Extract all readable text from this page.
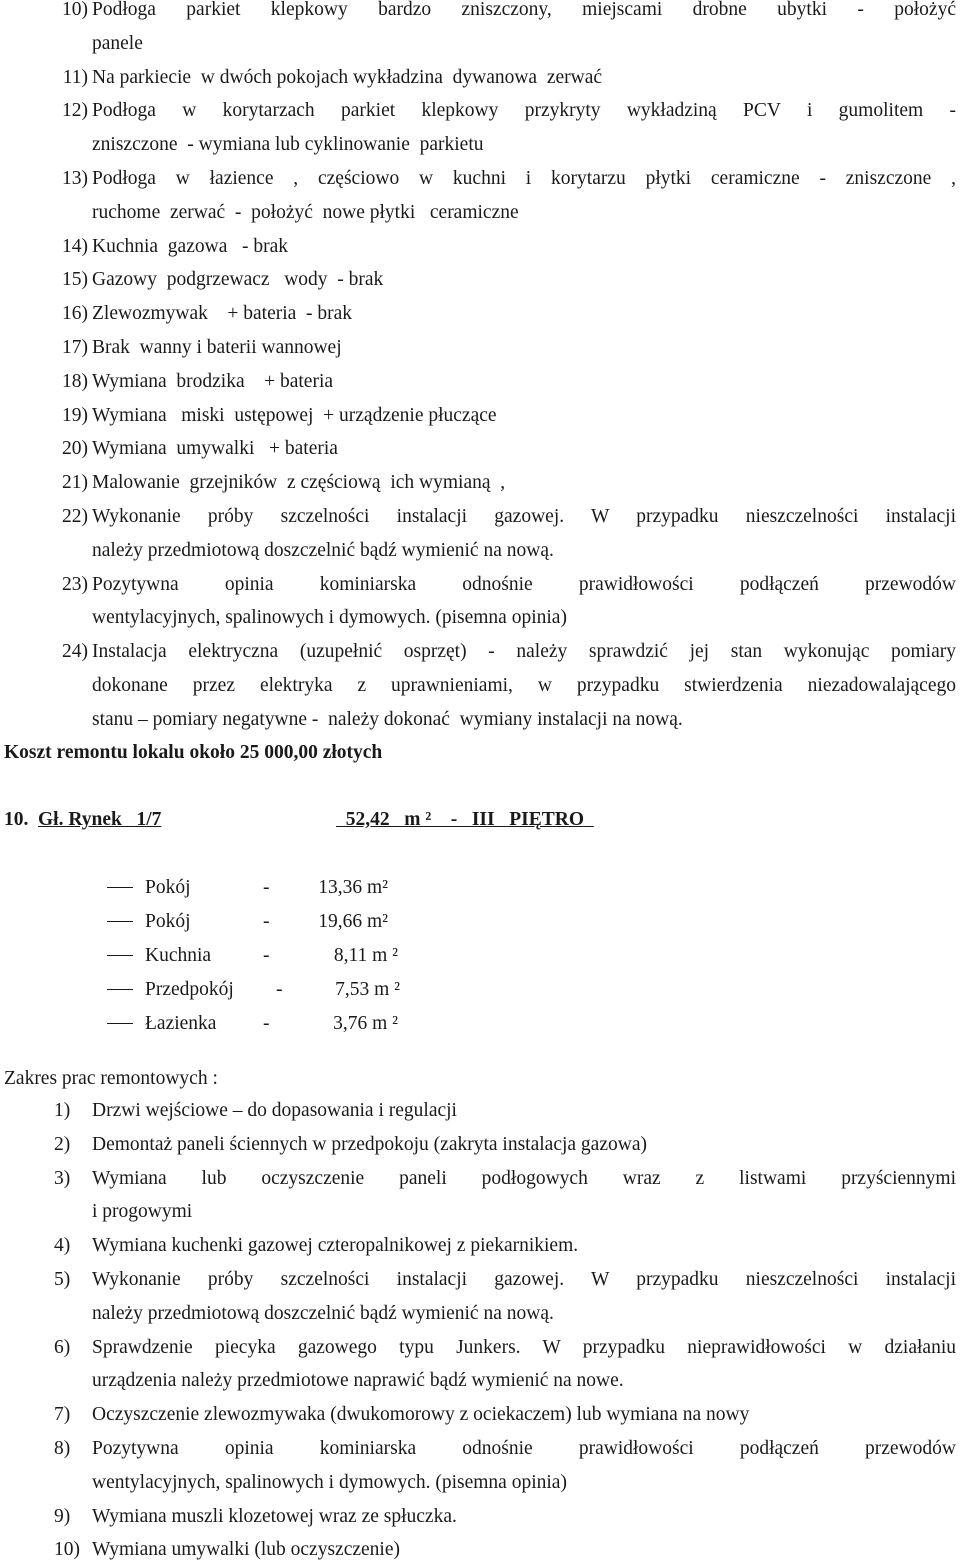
10) Podłoga parkiet klepkowy bardzo zniszczony, miejscami drobne ubytki - położyć
panele
11) Na parkiecie  w dwóch pokojach wykładzina  dywanowa  zerwać
12) Podłoga w korytarzach parkiet klepkowy przykryty wykładziną PCV i gumolitem -
zniszczone  - wymiana lub cyklinowanie  parkietu
13) Podłoga w łazience , częściowo w kuchni i korytarzu płytki ceramiczne - zniszczone ,
ruchome  zerwać  -  położyć  nowe płytki   ceramiczne
14) Kuchnia  gazowa   - brak
15) Gazowy  podgrzewacz   wody  - brak
16) Zlewozmywak    + bateria  - brak
17) Brak  wanny i baterii wannowej
18) Wymiana  brodzika    + bateria
19) Wymiana   miski  ustępowej  + urządzenie płuczące
20) Wymiana  umywalki   + bateria
21) Malowanie  grzejników  z częściową  ich wymianą  ,
22) Wykonanie próby szczelności instalacji gazowej. W przypadku nieszczelności instalacji
należy przedmiotową doszczelnić bądź wymienić na nową.
23) Pozytywna opinia kominiarska odnośnie prawidłowości podłączeń przewodów
wentylacyjnych, spalinowych i dymowych. (pisemna opinia)
24) Instalacja elektryczna (uzupełnić osprzęt) - należy sprawdzić jej stan wykonując pomiary
dokonane przez elektryka z uprawnieniami, w przypadku stwierdzenia niezadowalającego
stanu – pomiary negatywne -  należy dokonać  wymiany instalacji na nową.
Koszt remontu lokalu około 25 000,00 złotych
10. Gł. Rynek   1/7	52,42   m ²    -   III   PIĘTRO
Pokój	- 13,36 m²
Pokój	- 19,66 m²
Kuchnia	-	8,11 m ²
Przedpokój -	7,53 m ²
Łazienka -	3,76 m ²
Zakres prac remontowych :
1)	Drzwi wejściowe – do dopasowania i regulacji
2)	Demontaż paneli ściennych w przedpokoju (zakryta instalacja gazowa)
3)	Wymiana lub oczyszczenie paneli podłogowych wraz z listwami przyściennymi
i progowymi
4)	Wymiana kuchenki gazowej czteropalnikowej z piekarnikiem.
5)	Wykonanie próby szczelności instalacji gazowej. W przypadku nieszczelności instalacji
należy przedmiotową doszczelnić bądź wymienić na nową.
6)	Sprawdzenie piecyka gazowego typu Junkers. W przypadku nieprawidłowości w działaniu
urządzenia należy przedmiotowe naprawić bądź wymienić na nowe.
7)	Oczyszczenie zlewozmywaka (dwukomorowy z ociekaczem) lub wymiana na nowy
8)	Pozytywna opinia kominiarska odnośnie prawidłowości podłączeń przewodów
wentylacyjnych, spalinowych i dymowych. (pisemna opinia)
9)	Wymiana muszli klozetowej wraz ze spłuczka.
10) Wymiana umywalki (lub oczyszczenie)
